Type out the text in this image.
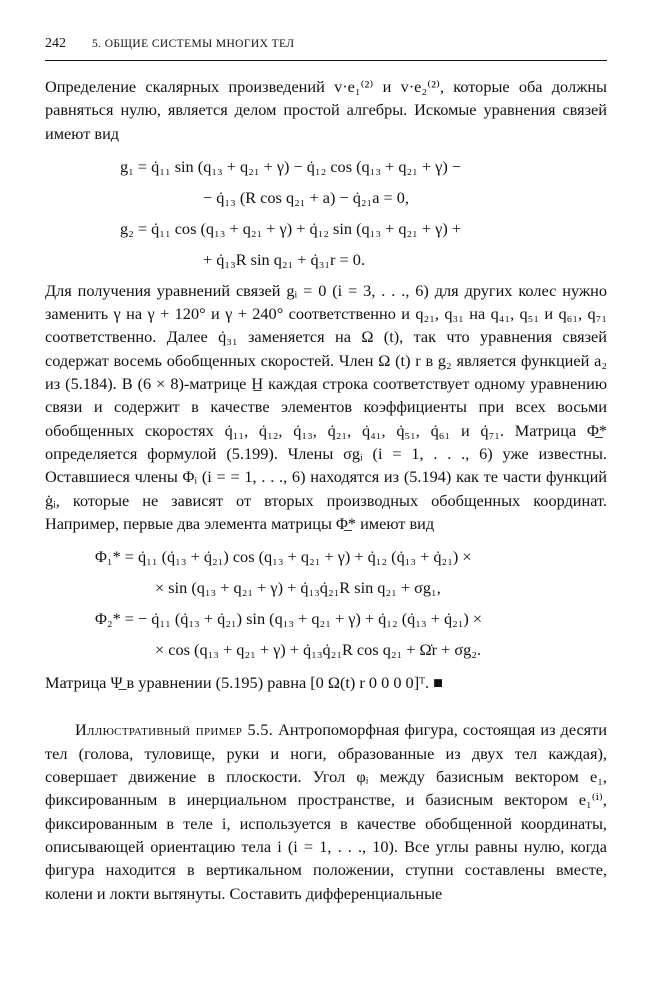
242 5. ОБЩИЕ СИСТЕМЫ МНОГИХ ТЕЛ

Определение скалярных произведений v·e₁⁽²⁾ и v·e₂⁽²⁾, которые оба должны равняться нулю, является делом простой алгебры. Искомые уравнения связей имеют вид

g₁ = q̇₁₁ sin (q₁₃ + q₂₁ + γ) − q̇₁₂ cos (q₁₃ + q₂₁ + γ) −
− q̇₁₃ (R cos q₂₁ + a) − q̇₂₁a = 0,
g₂ = q̇₁₁ cos (q₁₃ + q₂₁ + γ) + q̇₁₂ sin (q₁₃ + q₂₁ + γ) +
+ q̇₁₃R sin q₂₁ + q̇₃₁r = 0.

Для получения уравнений связей gᵢ = 0 (i = 3, . . ., 6) для других колес нужно заменить γ на γ + 120° и γ + 240° соответственно и q₂₁, q₃₁ на q₄₁, q₅₁ и q₆₁, q₇₁ соответственно. Далее q̇₃₁ заменяется на Ω (t), так что уравнения связей содержат восемь обобщенных скоростей. Член Ω (t) r в g₂ является функцией a₂ из (5.184). В (6 × 8)-матрице H̲ каждая строка соответствует одному уравнению связи и содержит в качестве элементов коэффициенты при всех восьми обобщенных скоростях q̇₁₁, q̇₁₂, q̇₁₃, q̇₂₁, q̇₄₁, q̇₅₁, q̇₆₁ и q̇₇₁. Матрица Φ̲* определяется формулой (5.199). Члены σgᵢ (i = 1, . . ., 6) уже известны. Оставшиеся члены Φᵢ (i = = 1, . . ., 6) находятся из (5.194) как те части функций ġᵢ, которые не зависят от вторых производных обобщенных координат. Например, первые два элемента матрицы Φ̲* имеют вид

Φ₁* = q̇₁₁ (q̇₁₃ + q̇₂₁) cos (q₁₃ + q₂₁ + γ) + q̇₁₂ (q̇₁₃ + q̇₂₁) ×
× sin (q₁₃ + q₂₁ + γ) + q̇₁₃q̇₂₁R sin q₂₁ + σg₁,
Φ₂* = − q̇₁₁ (q̇₁₃ + q̇₂₁) sin (q₁₃ + q₂₁ + γ) + q̇₁₂ (q̇₁₃ + q̇₂₁) ×
× cos (q₁₃ + q₂₁ + γ) + q̇₁₃q̇₂₁R cos q₂₁ + Ω̇r + σg₂.

Матрица Ψ̲ в уравнении (5.195) равна [0 Ω(t) r 0 0 0 0]ᵀ. ■

Иллюстративный пример 5.5. Антропоморфная фигура, состоящая из десяти тел (голова, туловище, руки и ноги, образованные из двух тел каждая), совершает движение в плоскости. Угол φᵢ между базисным вектором e₁, фиксированным в инерциальном пространстве, и базисным вектором e₁⁽ⁱ⁾, фиксированным в теле i, используется в качестве обобщенной координаты, описывающей ориентацию тела i (i = 1, . . ., 10). Все углы равны нулю, когда фигура находится в вертикальном положении, ступни составлены вместе, колени и локти вытянуты. Составить дифференциальные
